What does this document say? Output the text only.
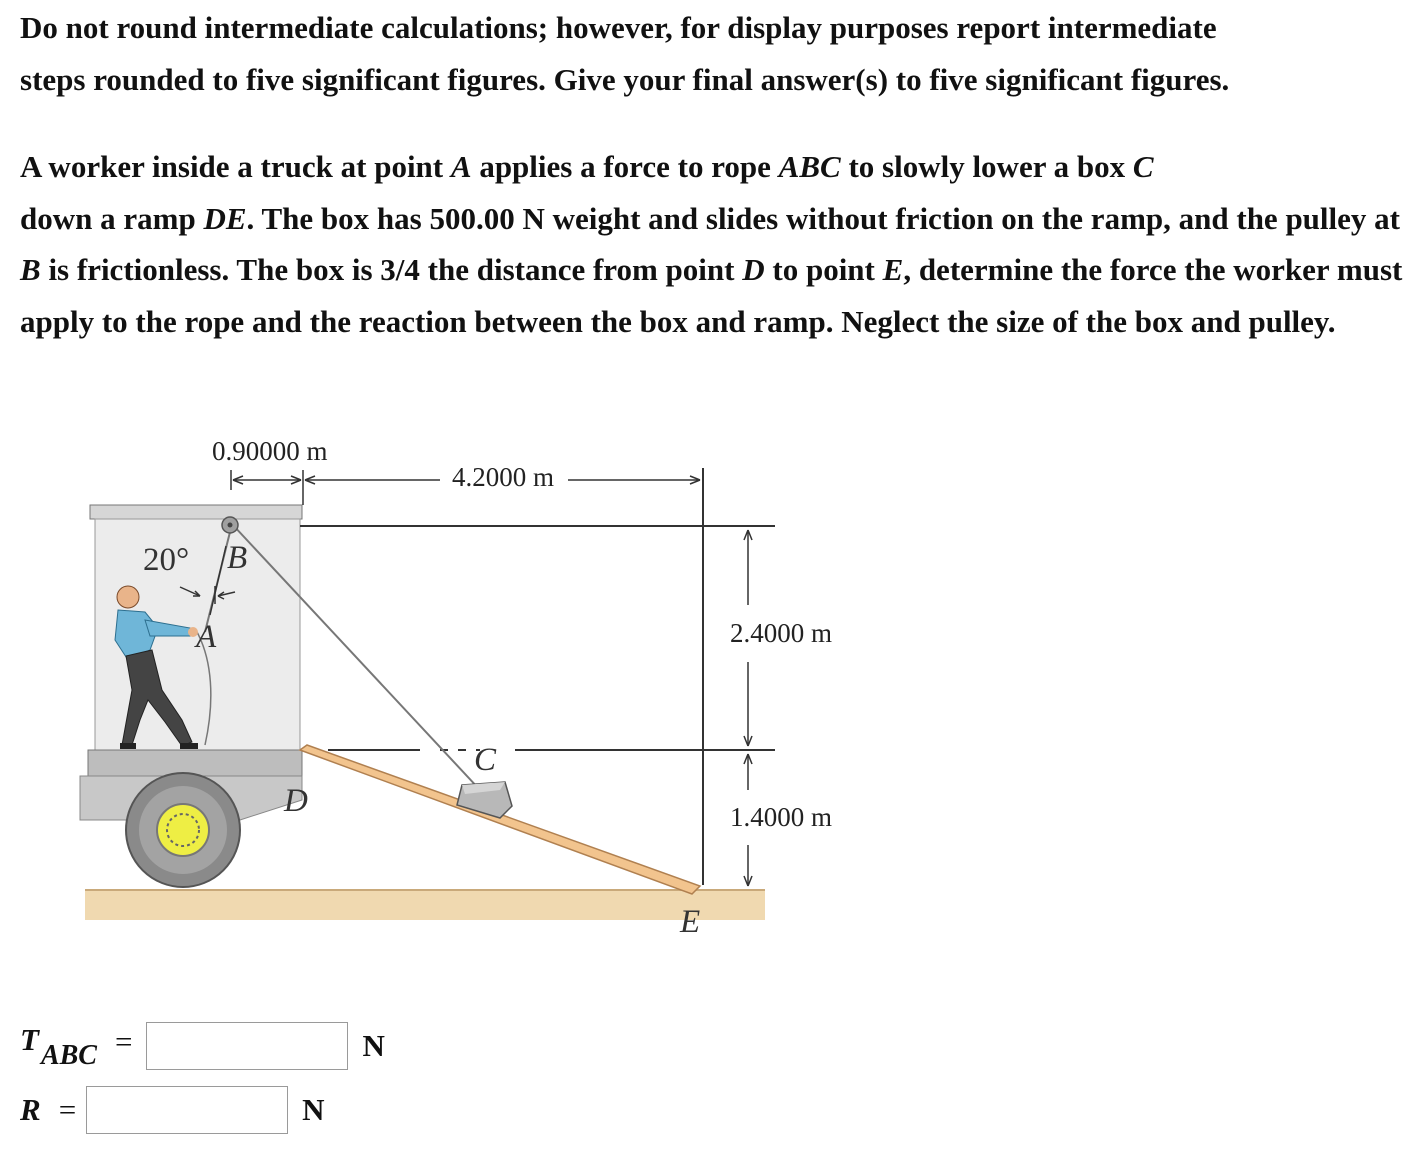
Do not round intermediate calculations; however, for display purposes report intermediate
steps rounded to five significant figures. Give your final answer(s) to five significant figures.

A worker inside a truck at point A applies a force to rope ABC to slowly lower a box C
down a ramp DE. The box has 500.00 N weight and slides without friction on the ramp, and the pulley at B is frictionless. The box is 3/4 the distance from point D to point E, determine the force the worker must apply to the rope and the reaction between the box and ramp. Neglect the size of the box and pulley.

0.90000 m
4.2000 m
2.4000 m
1.4000 m
20° B
A
C
D
E
T ABC =	N
R =	N
